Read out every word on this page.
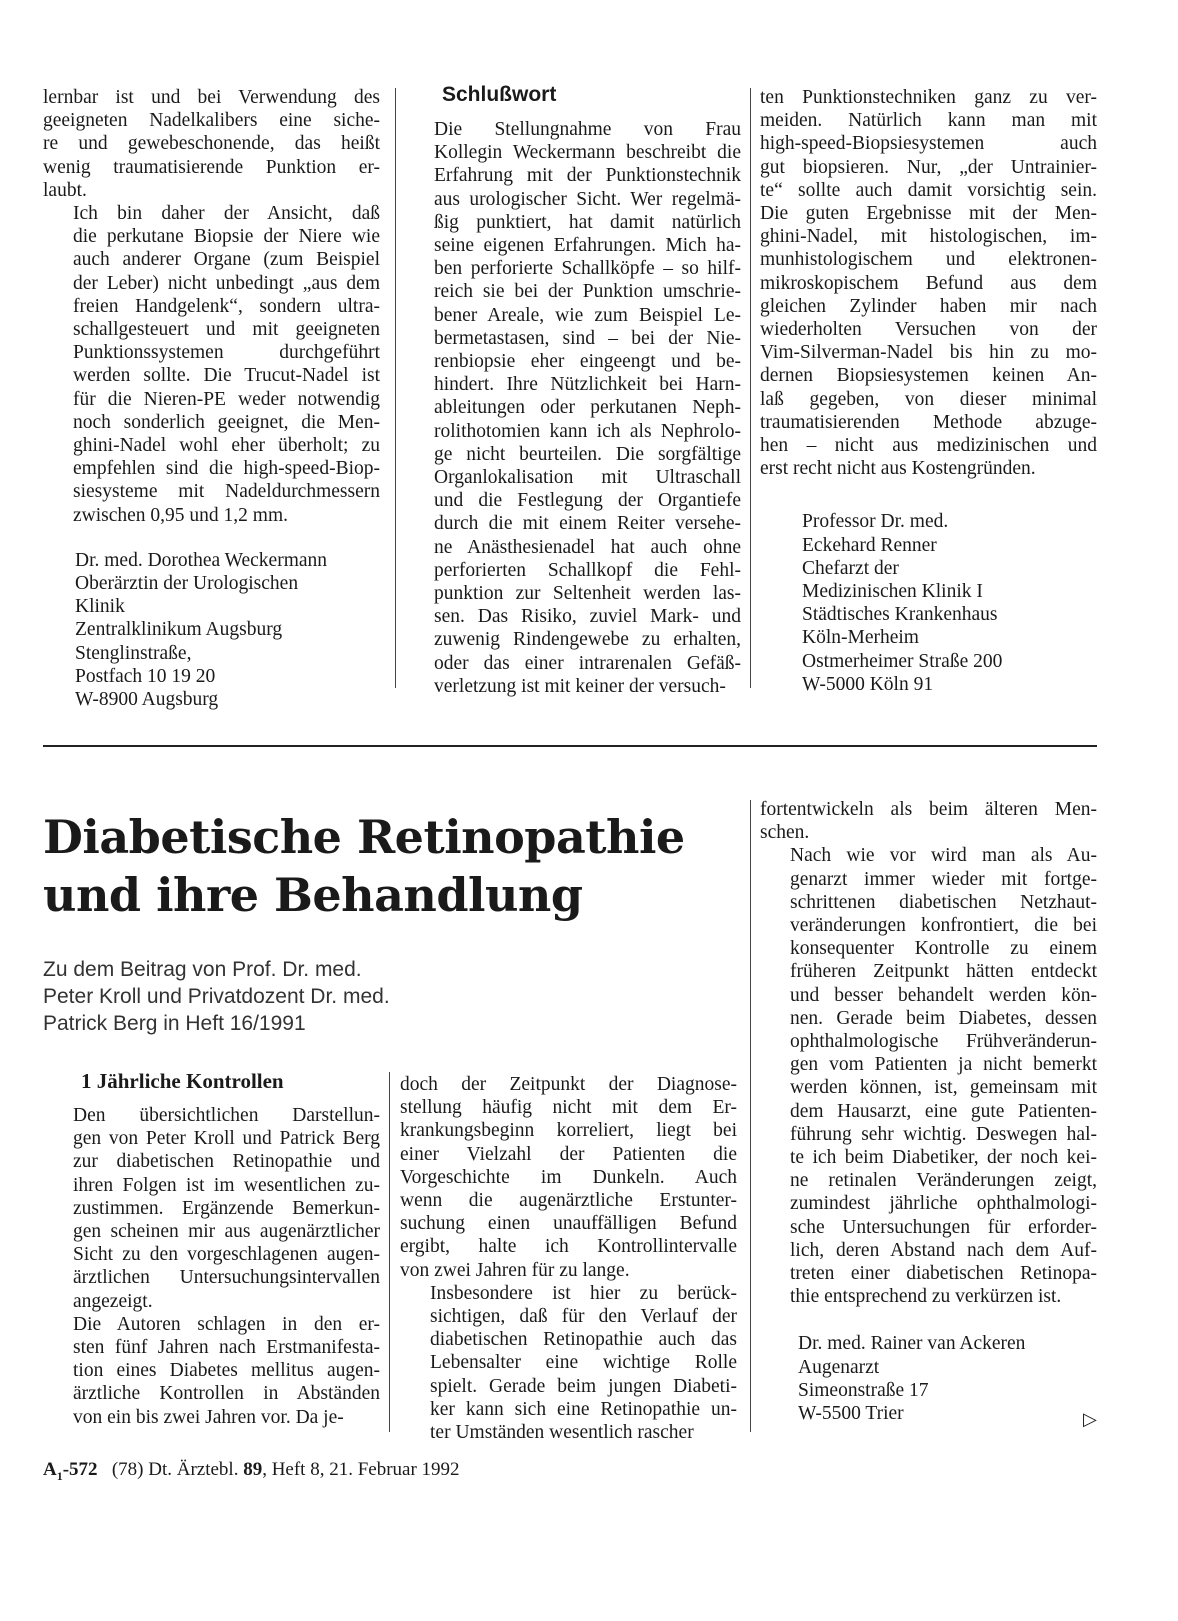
lernbar ist und bei Verwendung des
geeigneten Nadelkalibers eine siche-
re und gewebeschonende, das heißt
wenig traumatisierende Punktion er-
laubt.

Ich bin daher der Ansicht, daß
die perkutane Biopsie der Niere wie
auch anderer Organe (zum Beispiel
der Leber) nicht unbedingt „aus dem
freien Handgelenk“, sondern ultra-
schallgesteuert und mit geeigneten
Punktionssystemen durchgeführt
werden sollte. Die Trucut-Nadel ist
für die Nieren-PE weder notwendig
noch sonderlich geeignet, die Men-
ghini-Nadel wohl eher überholt; zu
empfehlen sind die high-speed-Biop-
siesysteme mit Nadeldurchmessern
zwischen 0,95 und 1,2 mm.

Dr. med. Dorothea Weckermann
Oberärztin der Urologischen
Klinik
Zentralklinikum Augsburg
Stenglinstraße,
Postfach 10 19 20
W-8900 Augsburg
Schlußwort

Die Stellungnahme von Frau
Kollegin Weckermann beschreibt die
Erfahrung mit der Punktionstechnik
aus urologischer Sicht. Wer regelmä-
ßig punktiert, hat damit natürlich
seine eigenen Erfahrungen. Mich ha-
ben perforierte Schallköpfe – so hilf-
reich sie bei der Punktion umschrie-
bener Areale, wie zum Beispiel Le-
bermetastasen, sind – bei der Nie-
renbiopsie eher eingeengt und be-
hindert. Ihre Nützlichkeit bei Harn-
ableitungen oder perkutanen Neph-
rolithotomien kann ich als Nephrolo-
ge nicht beurteilen. Die sorgfältige
Organlokalisation mit Ultraschall
und die Festlegung der Organtiefe
durch die mit einem Reiter versehe-
ne Anästhesienadel hat auch ohne
perforierten Schallkopf die Fehl-
punktion zur Seltenheit werden las-
sen. Das Risiko, zuviel Mark- und
zuwenig Rindengewebe zu erhalten,
oder das einer intrarenalen Gefäß-
verletzung ist mit keiner der versuch-

ten Punktionstechniken ganz zu ver-
meiden. Natürlich kann man mit
high-speed-Biopsiesystemen auch
gut biopsieren. Nur, „der Untrainier-
te“ sollte auch damit vorsichtig sein.
Die guten Ergebnisse mit der Men-
ghini-Nadel, mit histologischen, im-
munhistologischem und elektronen-
mikroskopischem Befund aus dem
gleichen Zylinder haben mir nach
wiederholten Versuchen von der
Vim-Silverman-Nadel bis hin zu mo-
dernen Biopsiesystemen keinen An-
laß gegeben, von dieser minimal
traumatisierenden Methode abzuge-
hen – nicht aus medizinischen und
erst recht nicht aus Kostengründen.

Professor Dr. med.
Eckehard Renner
Chefarzt der
Medizinischen Klinik I
Städtisches Krankenhaus
Köln-Merheim
Ostmerheimer Straße 200
W-5000 Köln 91
Diabetische Retinopathie
und ihre Behandlung
Zu dem Beitrag von Prof. Dr. med.
Peter Kroll und Privatdozent Dr. med.
Patrick Berg in Heft 16/1991
1 Jährliche Kontrollen

Den übersichtlichen Darstellun-
gen von Peter Kroll und Patrick Berg
zur diabetischen Retinopathie und
ihren Folgen ist im wesentlichen zu-
zustimmen. Ergänzende Bemerkun-
gen scheinen mir aus augenärztlicher
Sicht zu den vorgeschlagenen augen-
ärztlichen Untersuchungsintervallen
angezeigt.

Die Autoren schlagen in den er-
sten fünf Jahren nach Erstmanifesta-
tion eines Diabetes mellitus augen-
ärztliche Kontrollen in Abständen
von ein bis zwei Jahren vor. Da je-

doch der Zeitpunkt der Diagnose-
stellung häufig nicht mit dem Er-
krankungsbeginn korreliert, liegt bei
einer Vielzahl der Patienten die
Vorgeschichte im Dunkeln. Auch
wenn die augenärztliche Erstunter-
suchung einen unauffälligen Befund
ergibt, halte ich Kontrollintervalle
von zwei Jahren für zu lange.

Insbesondere ist hier zu berück-
sichtigen, daß für den Verlauf der
diabetischen Retinopathie auch das
Lebensalter eine wichtige Rolle
spielt. Gerade beim jungen Diabeti-
ker kann sich eine Retinopathie un-
ter Umständen wesentlich rascher

fortentwickeln als beim älteren Men-
schen.

Nach wie vor wird man als Au-
genarzt immer wieder mit fortge-
schrittenen diabetischen Netzhaut-
veränderungen konfrontiert, die bei
konsequenter Kontrolle zu einem
früheren Zeitpunkt hätten entdeckt
und besser behandelt werden kön-
nen. Gerade beim Diabetes, dessen
ophthalmologische Frühveränderun-
gen vom Patienten ja nicht bemerkt
werden können, ist, gemeinsam mit
dem Hausarzt, eine gute Patienten-
führung sehr wichtig. Deswegen hal-
te ich beim Diabetiker, der noch kei-
ne retinalen Veränderungen zeigt,
zumindest jährliche ophthalmologi-
sche Untersuchungen für erforder-
lich, deren Abstand nach dem Auf-
treten einer diabetischen Retinopa-
thie entsprechend zu verkürzen ist.

Dr. med. Rainer van Ackeren
Augenarzt
Simeonstraße 17
W-5500 Trier	▷
$A_1-572$ (78) Dt. Ärztebl. 89, Heft 8, 21. Februar 1992
